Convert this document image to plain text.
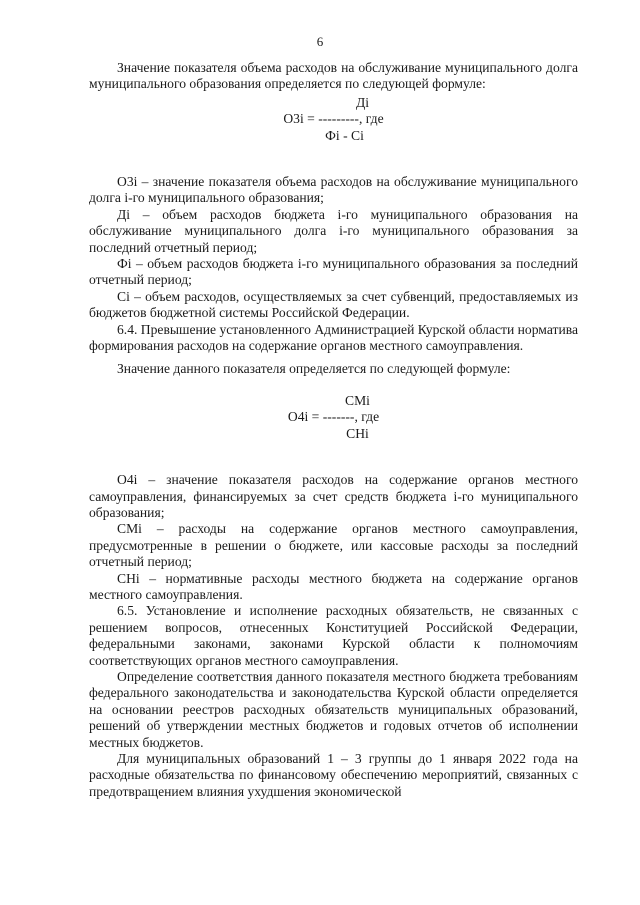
6

Значение показателя объема расходов на обслуживание муниципального долга муниципального образования определяется по следующей формуле:

Дi
О3i = ---------, где
Фi - Ci

О3i – значение показателя объема расходов на обслуживание муниципального долга i-го муниципального образования;

Дi – объем расходов бюджета i-го муниципального образования на обслуживание муниципального долга i-го муниципального образования за последний отчетный период;

Фi – объем расходов бюджета i-го муниципального образования за последний отчетный период;

Ci – объем расходов, осуществляемых за счет субвенций, предоставляемых из бюджетов бюджетной системы Российской Федерации.

6.4. Превышение установленного Администрацией Курской области норматива формирования расходов на содержание органов местного самоуправления.

Значение данного показателя определяется по следующей формуле:

СМi
О4i = -------, где
СНi

О4i – значение показателя расходов на содержание органов местного самоуправления, финансируемых за счет средств бюджета i-го муниципального образования;

СМi – расходы на содержание органов местного самоуправления, предусмотренные в решении о бюджете, или кассовые расходы за последний отчетный период;

СНi – нормативные расходы местного бюджета на содержание органов местного самоуправления.

6.5. Установление и исполнение расходных обязательств, не связанных с решением вопросов, отнесенных Конституцией Российской Федерации, федеральными законами, законами Курской области к полномочиям соответствующих органов местного самоуправления.

Определение соответствия данного показателя местного бюджета требованиям федерального законодательства и законодательства Курской области определяется на основании реестров расходных обязательств муниципальных образований, решений об утверждении местных бюджетов и годовых отчетов об исполнении местных бюджетов.

Для муниципальных образований 1 – 3 группы до 1 января 2022 года на расходные обязательства по финансовому обеспечению мероприятий, связанных с предотвращением влияния ухудшения экономической
